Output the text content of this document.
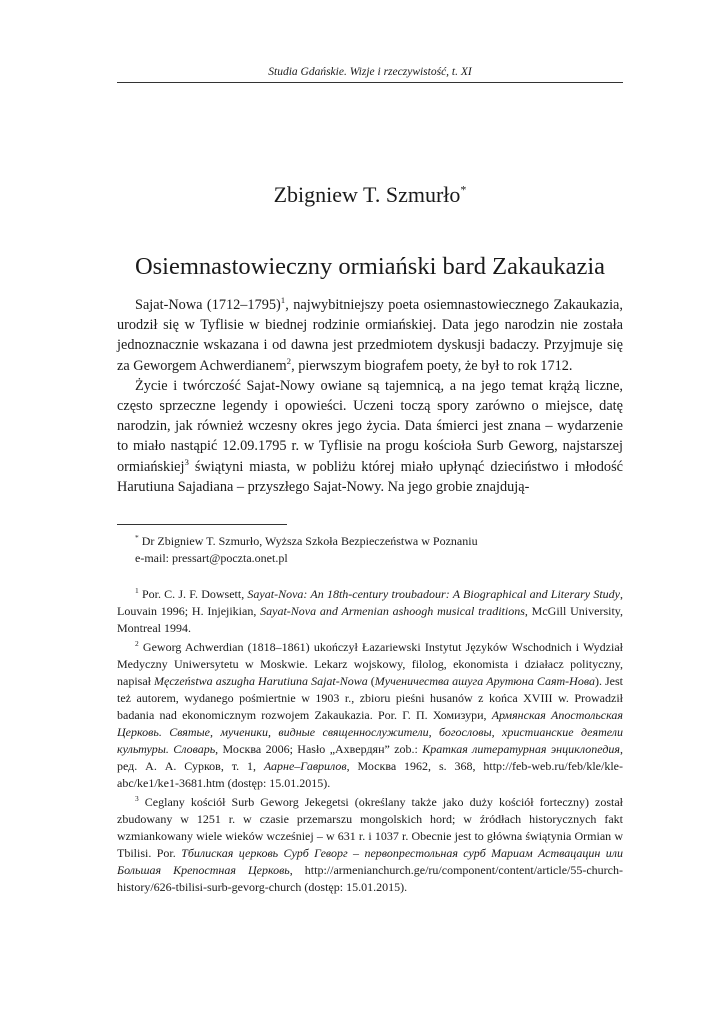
Studia Gdańskie. Wizje i rzeczywistość, t. XI
Zbigniew T. Szmurło*
Osiemnastowieczny ormiański bard Zakaukazia

Sajat-Nowa (1712–1795)$^1$, najwybitniejszy poeta osiemnastowiecznego Zakaukazia, urodził się w Tyflisie w biednej rodzinie ormiańskiej. Data jego narodzin nie została jednoznacznie wskazana i od dawna jest przedmiotem dyskusji badaczy. Przyjmuje się za Geworgem Achwerdianem$^2$, pierwszym biografem poety, że był to rok 1712.

Życie i twórczość Sajat-Nowy owiane są tajemnicą, a na jego temat krążą liczne, często sprzeczne legendy i opowieści. Uczeni toczą spory zarówno o miejsce, datę narodzin, jak również wczesny okres jego życia. Data śmierci jest znana – wydarzenie to miało nastąpić 12.09.1795 r. w Tyflisie na progu kościoła Surb Geworg, najstarszej ormiańskiej$^3$ świątyni miasta, w pobliżu której miało upłynąć dzieciństwo i młodość Harutiuna Sajadiana – przyszłego Sajat-Nowy. Na jego grobie znajdują-

* Dr Zbigniew T. Szmurło, Wyższa Szkoła Bezpieczeństwa w Poznaniu

e-mail: pressart@poczta.onet.pl

$^1$ Por. C. J. F. Dowsett, Sayat-Nova: An 18th-century troubadour: A Biographical and Literary Study, Louvain 1996; H. Injejikian, Sayat-Nova and Armenian ashoogh musical traditions, McGill University, Montreal 1994.

$^2$ Geworg Achwerdian (1818–1861) ukończył Łazariewski Instytut Języków Wschodnich i Wydział Medyczny Uniwersytetu w Moskwie. Lekarz wojskowy, filolog, ekonomista i działacz polityczny, napisał Męczeństwa aszugha Harutiuna Sajat-Nowa (Мученичества ашуга Арутюна Саят-Нова). Jest też autorem, wydanego pośmiertnie w 1903 r., zbioru pieśni husanów z końca XVIII w. Prowadził badania nad ekonomicznym rozwojem Zakaukazia. Por. Г. П. Хомизури, Армянская Апостольская Церковь. Святые, мученики, видные священнослужители, богословы, христианские деятели культуры. Словарь, Москва 2006; Hasło „Ахвердян” zob.: Краткая литературная энциклопедия, ред. А. А. Сурков, т. 1, Аарне–Гаврилов, Москва 1962, s. 368, http://feb-web.ru/feb/kle/kle-abc/ke1/ke1-3681.htm (dostęp: 15.01.2015).

$^3$ Ceglany kościół Surb Geworg Jekegetsi (określany także jako duży kościół forteczny) został zbudowany w 1251 r. w czasie przemarszu mongolskich hord; w źródłach historycznych fakt wzmiankowany wiele wieków wcześniej – w 631 r. i 1037 r. Obecnie jest to główna świątynia Ormian w Tbilisi. Por. Тбилиская церковь Сурб Геворг – первопрестольная сурб Мариам Аствацацин или Большая Крепостная Церковь, http://armenianchurch.ge/ru/component/content/article/55-church-history/626-tbilisi-surb-gevorg-church (dostęp: 15.01.2015).
